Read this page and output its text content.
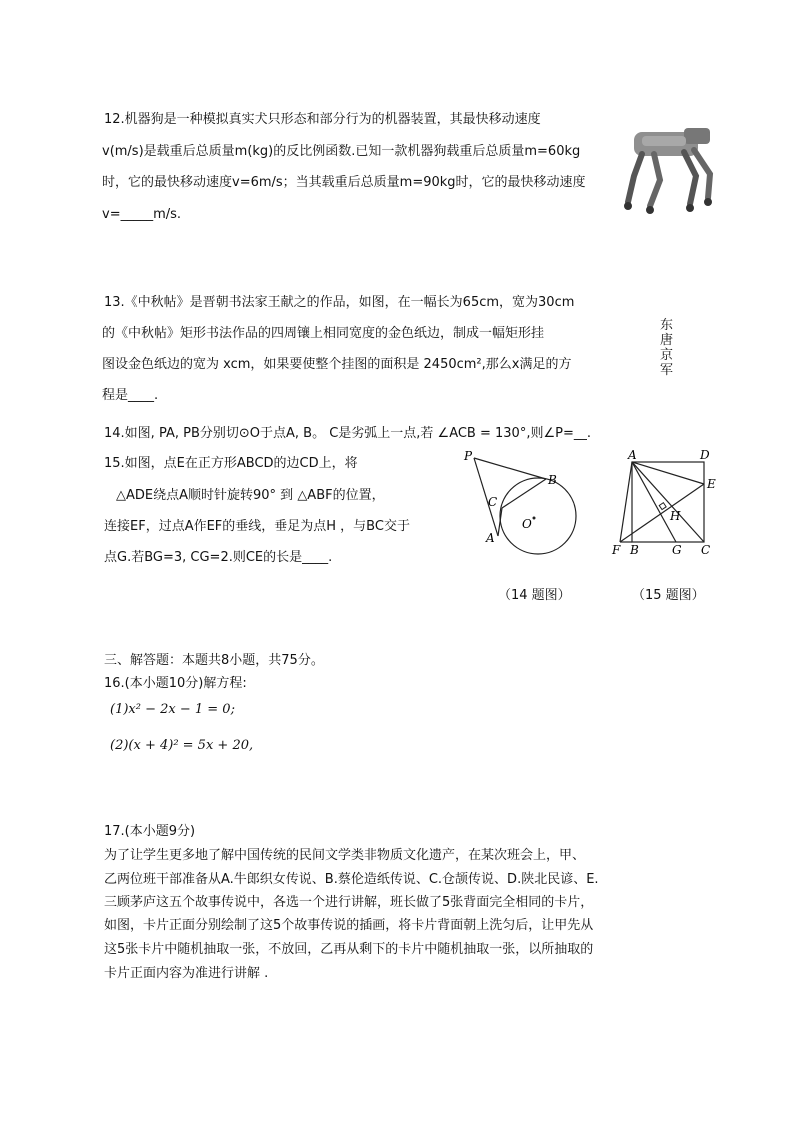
12.机器狗是一种模拟真实犬只形态和部分行为的机器装置，其最快移动速度
v(m/s)是载重后总质量m(kg)的反比例函数.已知一款机器狗载重后总质量m=60kg
时，它的最快移动速度v=6m/s；当其载重后总质量m=90kg时，它的最快移动速度
v=_____m/s.
13.《中秋帖》是晋朝书法家王献之的作品，如图，在一幅长为65cm，宽为30cm
的《中秋帖》矩形书法作品的四周镶上相同宽度的金色纸边，制成一幅矩形挂
图设金色纸边的宽为 xcm，如果要使整个挂图的面积是 2450cm²,那么x满足的方
程是____.
东
唐
京
军
14.如图, PA, PB分别切⊙O于点A, B。 C是劣弧上一点,若 ∠ACB = 130°,则∠P=__.
15.如图，点E在正方形ABCD的边CD上，将
△ADE绕点A顺时针旋转90° 到 △ABF的位置，
连接EF，过点A作EF的垂线，垂足为点H ，与BC交于
点G.若BG=3, CG=2.则CE的长是____.
P
B
C
A
O
A	D
E
H
F B	G C
（14 题图）	（15 题图）
三、解答题：本题共8小题，共75分。
16.(本小题10分)解方程:
(1)x² − 2x − 1 = 0;
(2)(x + 4)² = 5x + 20,
17.(本小题9分)
为了让学生更多地了解中国传统的民间文学类非物质文化遗产，在某次班会上，甲、
乙两位班干部准备从A.牛郎织女传说、B.蔡伦造纸传说、C.仓颉传说、D.陕北民谚、E.
三顾茅庐这五个故事传说中，各选一个进行讲解，班长做了5张背面完全相同的卡片，
如图，卡片正面分别绘制了这5个故事传说的插画，将卡片背面朝上洗匀后，让甲先从
这5张卡片中随机抽取一张，不放回，乙再从剩下的卡片中随机抽取一张，以所抽取的
卡片正面内容为准进行讲解 .
